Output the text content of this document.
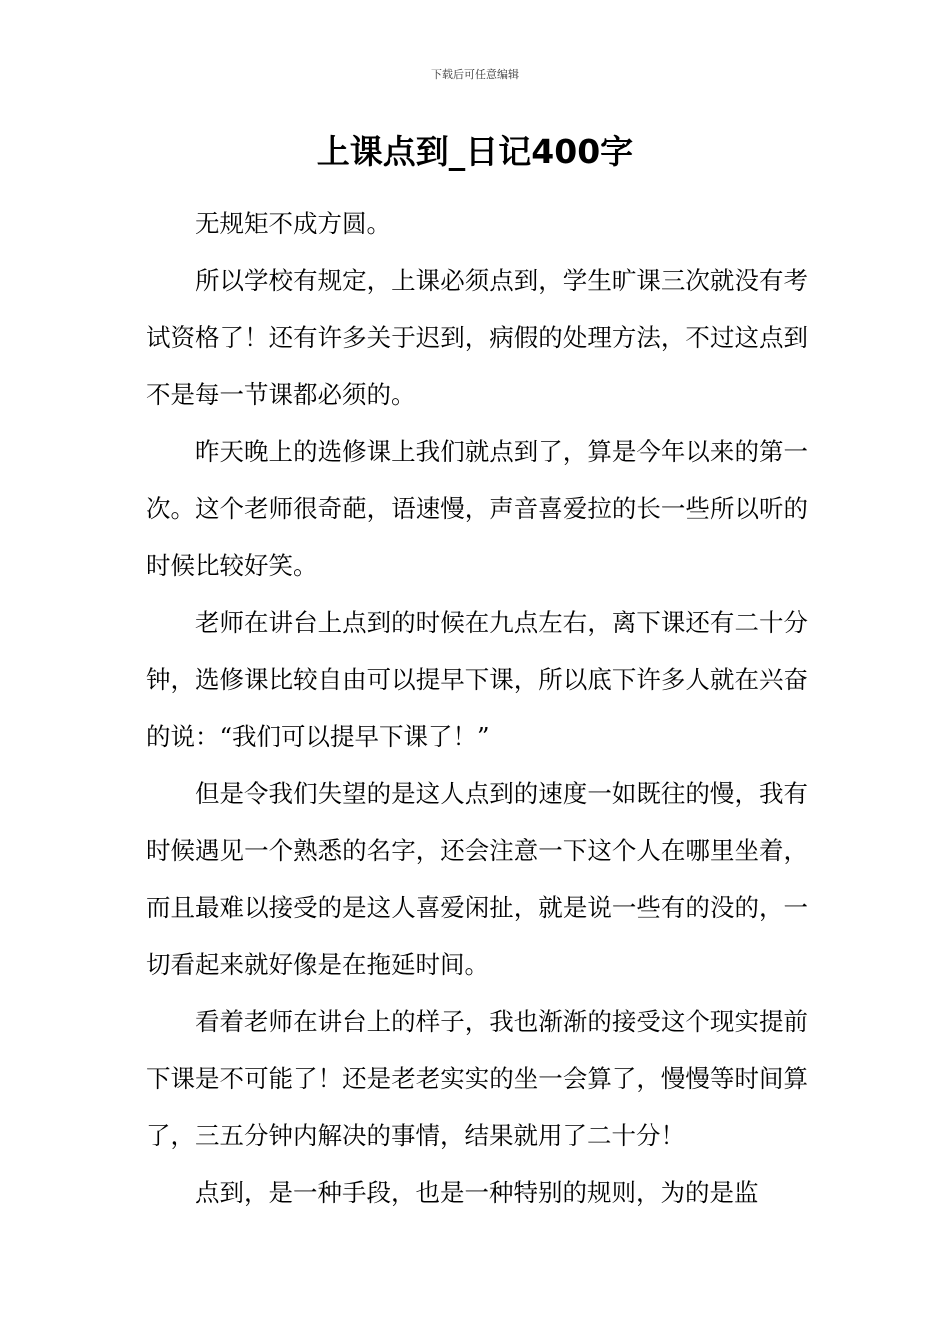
下载后可任意编辑
上课点到_日记400字

无规矩不成方圆。

所以学校有规定，上课必须点到，学生旷课三次就没有考试资格了！还有许多关于迟到，病假的处理方法，不过这点到不是每一节课都必须的。

昨天晚上的选修课上我们就点到了，算是今年以来的第一次。这个老师很奇葩，语速慢，声音喜爱拉的长一些所以听的时候比较好笑。

老师在讲台上点到的时候在九点左右，离下课还有二十分钟，选修课比较自由可以提早下课，所以底下许多人就在兴奋的说：“我们可以提早下课了！”

但是令我们失望的是这人点到的速度一如既往的慢，我有时候遇见一个熟悉的名字，还会注意一下这个人在哪里坐着，而且最难以接受的是这人喜爱闲扯，就是说一些有的没的，一切看起来就好像是在拖延时间。

看着老师在讲台上的样子，我也渐渐的接受这个现实提前下课是不可能了！还是老老实实的坐一会算了，慢慢等时间算了，三五分钟内解决的事情，结果就用了二十分！

点到，是一种手段，也是一种特别的规则，为的是监
